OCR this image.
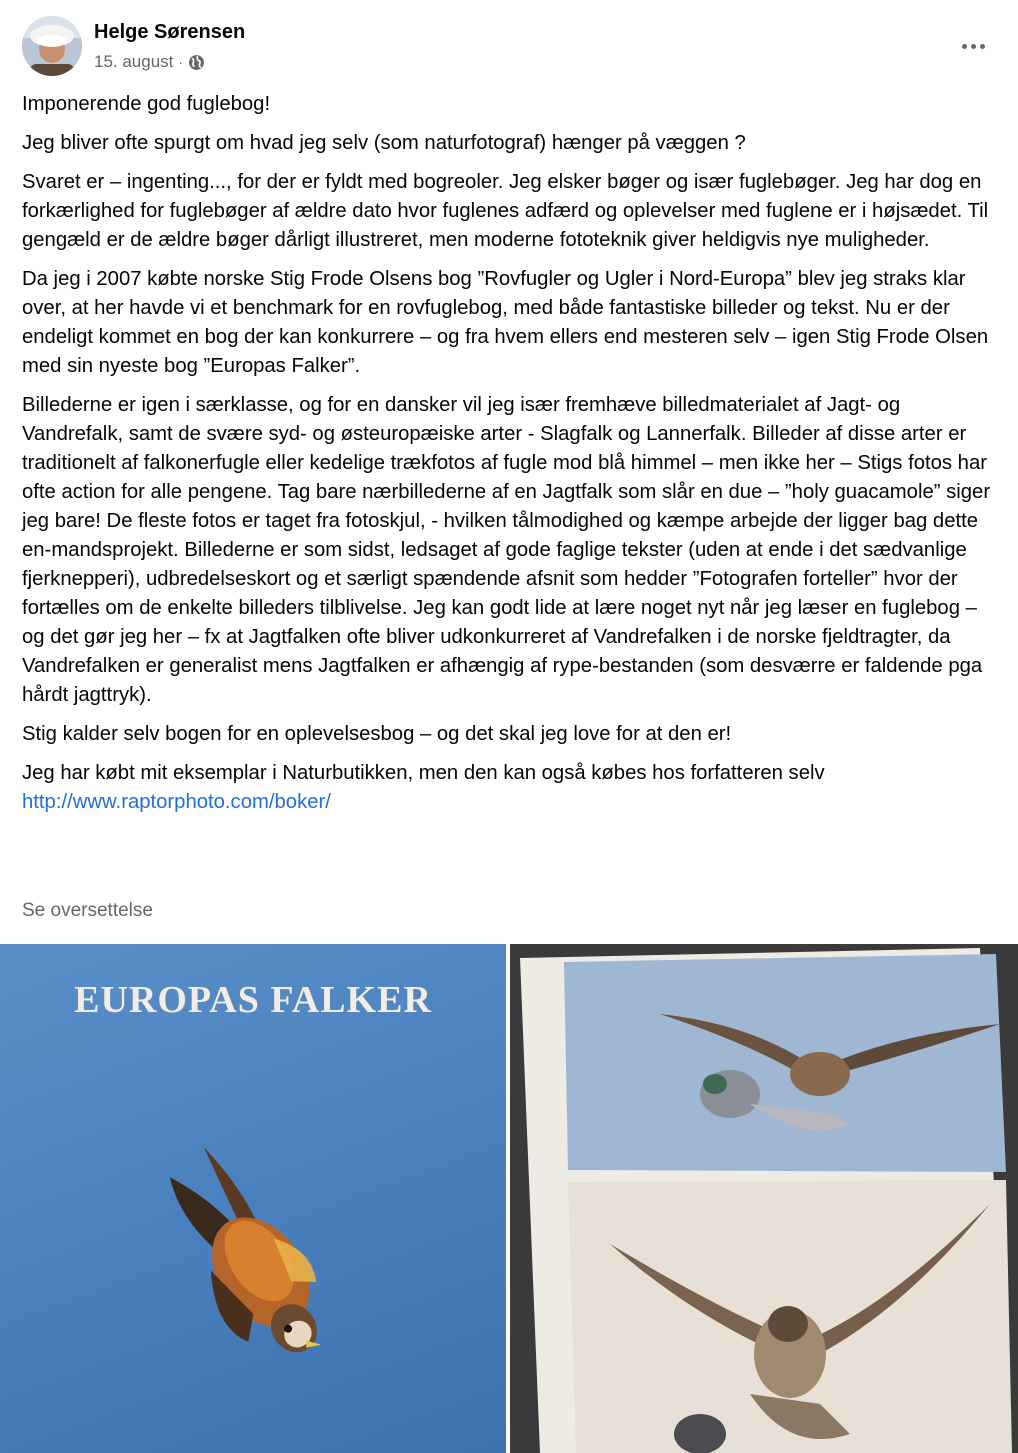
Helge Sørensen
15. august ·

Imponerende god fuglebog!

Jeg bliver ofte spurgt om hvad jeg selv (som naturfotograf) hænger på væggen ?

Svaret er – ingenting..., for der er fyldt med bogreoler. Jeg elsker bøger og især fuglebøger. Jeg har dog en forkærlighed for fuglebøger af ældre dato hvor fuglenes adfærd og oplevelser med fuglene er i højsædet. Til gengæld er de ældre bøger dårligt illustreret, men moderne fototeknik giver heldigvis nye muligheder.

Da jeg i 2007 købte norske Stig Frode Olsens bog ”Rovfugler og Ugler i Nord-Europa” blev jeg straks klar over, at her havde vi et benchmark for en rovfuglebog, med både fantastiske billeder og tekst. Nu er der endeligt kommet en bog der kan konkurrere – og fra hvem ellers end mesteren selv – igen Stig Frode Olsen med sin nyeste bog ”Europas Falker”.

Billederne er igen i særklasse, og for en dansker vil jeg især fremhæve billedmaterialet af Jagt- og Vandrefalk, samt de svære syd- og østeuropæiske arter - Slagfalk og Lannerfalk. Billeder af disse arter er traditionelt af falkonerfugle eller kedelige trækfotos af fugle mod blå himmel – men ikke her – Stigs fotos har ofte action for alle pengene. Tag bare nærbillederne af en Jagtfalk som slår en due – ”holy guacamole” siger jeg bare! De fleste fotos er taget fra fotoskjul, - hvilken tålmodighed og kæmpe arbejde der ligger bag dette en-mandsprojekt. Billederne er som sidst, ledsaget af gode faglige tekster (uden at ende i det sædvanlige fjerknepperi), udbredelseskort og et særligt spændende afsnit som hedder ”Fotografen forteller” hvor der fortælles om de enkelte billeders tilblivelse. Jeg kan godt lide at lære noget nyt når jeg læser en fuglebog – og det gør jeg her – fx at Jagtfalken ofte bliver udkonkurreret af Vandrefalken i de norske fjeldtragter, da Vandrefalken er generalist mens Jagtfalken er afhængig af rype-bestanden (som desværre er faldende pga hårdt jagttryk).

Stig kalder selv bogen for en oplevelsesbog – og det skal jeg love for at den er!

Jeg har købt mit eksemplar i Naturbutikken, men den kan også købes hos forfatteren selv
http://www.raptorphoto.com/boker/

Se oversettelse
EUROPAS FALKER
